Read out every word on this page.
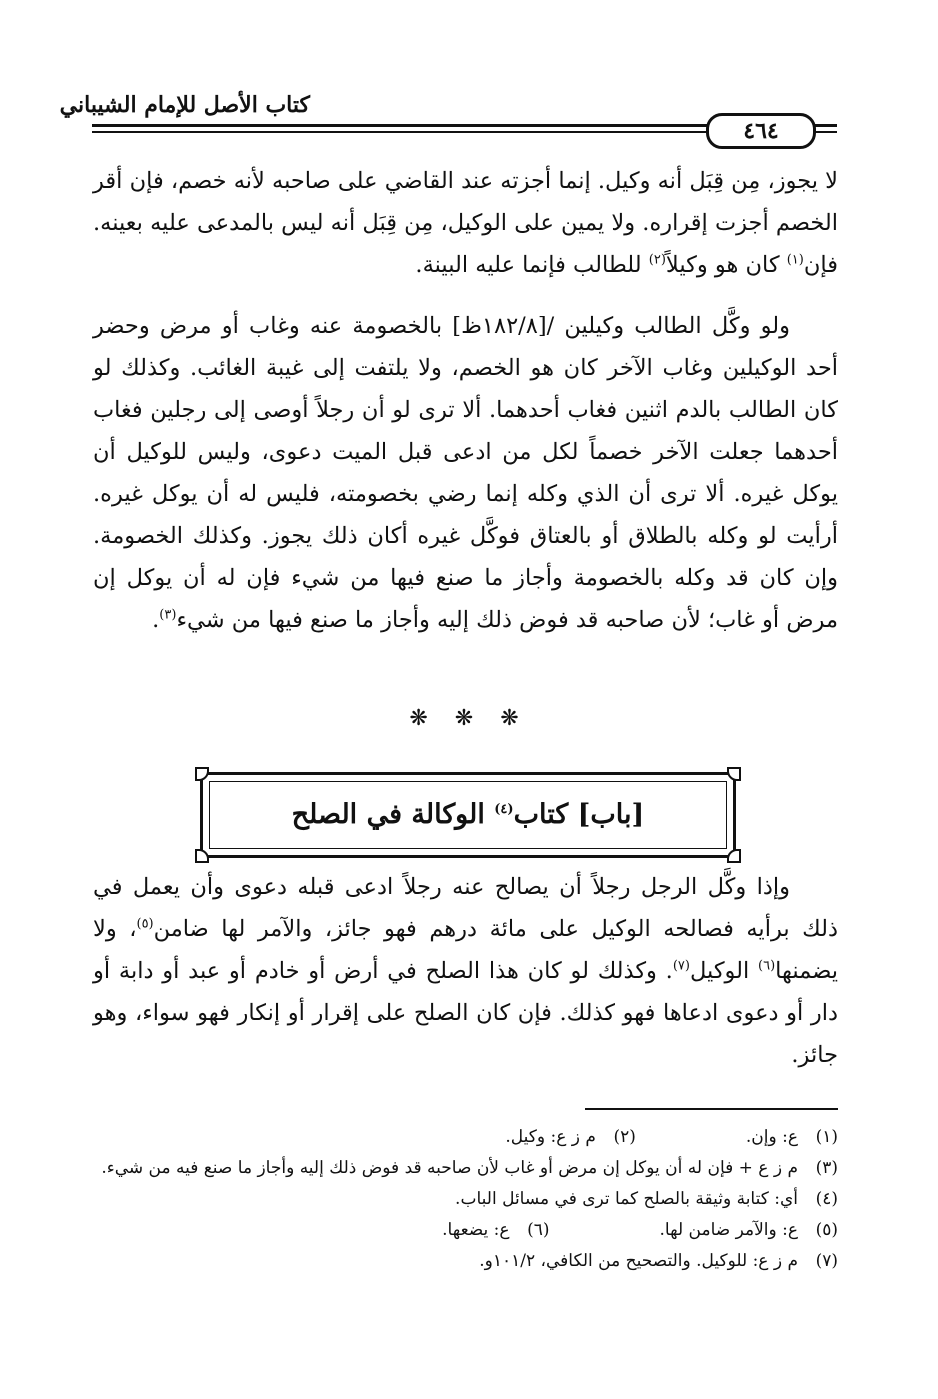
كتاب الأصل للإمام الشيباني
٤٦٤
لا يجوز، مِن قِبَل أنه وكيل. إنما أجزته عند القاضي على صاحبه لأنه خصم، فإن أقر الخصم أجزت إقراره. ولا يمين على الوكيل، مِن قِبَل أنه ليس بالمدعى عليه بعينه. فإن$^{(١)}$ كان هو وكيلاً$^{(٢)}$ للطالب فإنما عليه البينة.
ولو وكَّل الطالب وكيلين /[١٨٢/٨ظ] بالخصومة عنه وغاب أو مرض وحضر أحد الوكيلين وغاب الآخر كان هو الخصم، ولا يلتفت إلى غيبة الغائب. وكذلك لو كان الطالب بالدم اثنين فغاب أحدهما. ألا ترى لو أن رجلاً أوصى إلى رجلين فغاب أحدهما جعلت الآخر خصماً لكل من ادعى قبل الميت دعوى، وليس للوكيل أن يوكل غيره. ألا ترى أن الذي وكله إنما رضي بخصومته، فليس له أن يوكل غيره. أرأيت لو وكله بالطلاق أو بالعتاق فوكَّل غيره أكان ذلك يجوز. وكذلك الخصومة. وإن كان قد وكله بالخصومة وأجاز ما صنع فيها من شيء فإن له أن يوكل إن مرض أو غاب؛ لأن صاحبه قد فوض ذلك إليه وأجاز ما صنع فيها من شيء$^{(٣)}$.
❋ ❋ ❋
[باب] كتاب$^{(٤)}$ الوكالة في الصلح
وإذا وكَّل الرجل رجلاً أن يصالح عنه رجلاً ادعى قبله دعوى وأن يعمل في ذلك برأيه فصالحه الوكيل على مائة درهم فهو جائز، والآمر لها ضامن$^{(٥)}$، ولا يضمنها$^{(٦)}$ الوكيل$^{(٧)}$. وكذلك لو كان هذا الصلح في أرض أو خادم أو عبد أو دابة أو دار أو دعوى ادعاها فهو كذلك. فإن كان الصلح على إقرار أو إنكار فهو سواء، وهو جائز.
(١)ع: وإن.(٢)م ز ع: وكيل.
(٣)
م ز ع + فإن له أن يوكل إن مرض أو غاب لأن صاحبه قد فوض ذلك إليه وأجاز ما صنع فيه من شيء.
(٤)أي: كتابة وثيقة بالصلح كما ترى في مسائل الباب.
(٥)ع: والآمر ضامن لها.(٦)ع: يضعها.
(٧)م ز ع: للوكيل. والتصحيح من الكافي، ١٠١/٢و.
